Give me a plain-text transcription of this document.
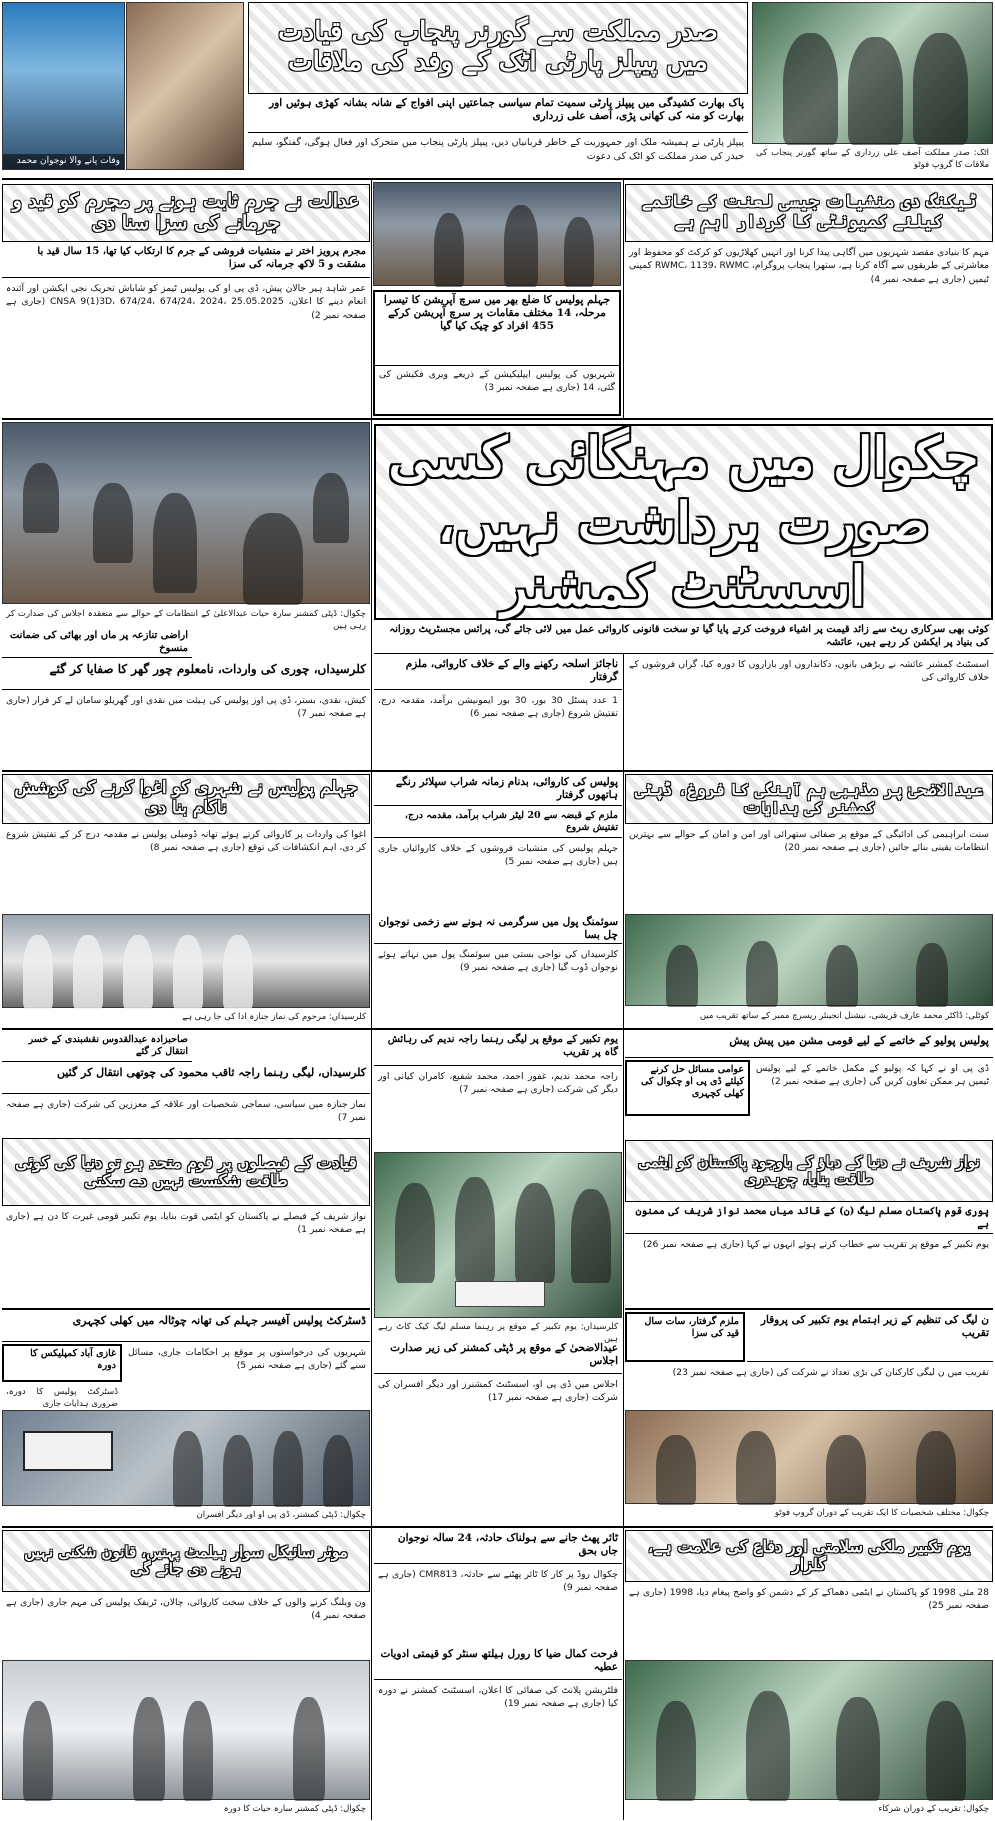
وفات پانے والا نوجوان محمد
صدر مملکت سے گورنر پنجاب کی قیادت میں پیپلز پارٹی اٹک کے وفد کی ملاقات
پاک بھارت کشیدگی میں پیپلز پارٹی سمیت تمام سیاسی جماعتیں اپنی افواج کے شانہ بشانہ کھڑی ہوئیں اور بھارت کو منہ کی کھانی پڑی، آصف علی زرداری
پیپلز پارٹی نے ہمیشہ ملک اور جمہوریت کے خاطر قربانیاں دیں، پیپلز پارٹی پنجاب میں متحرک اور فعال ہوگی، گفتگو، سلیم حیدر کی صدر مملکت کو اٹک کی دعوت	اٹک: صدر مملکت آصف علی زرداری کے ساتھ گورنر پنجاب کی ملاقات کا گروپ فوٹو
عدالت نے جرم ثابت ہونے پر مجرم کو قید و جرمانے کی سزا سنا دی
مجرم پرویز اختر نے منشیات فروشی کے جرم کا ارتکاب کیا تھا، 15 سال قید با مشقت و 5 لاکھ جرمانہ کی سزا
عمر شاہد ہیر جالان پیش، ڈی پی او کی پولیس ٹیمز کو شاباش تحریک نجی ایکشن اور آئندہ انعام دینے کا اعلان، CNSA 9(1)3D، 674/24، 674/24، 2024، 25.05.2025 (جاری ہے صفحہ نمبر 2)
جہلم پولیس کا ضلع بھر میں سرچ آپریشن کا تیسرا مرحلہ، 14 مختلف مقامات پر سرچ آپریشن کرکے 455 افراد کو چیک کیا گیا
شہریوں کی پولیس ایپلیکیشن کے ذریعے ویری فکیشن کی گئی، 14 (جاری ہے صفحہ نمبر 3)
ٹیکنگ دی منشیات جیسی لعنت کے خاتمے کیلئے کمیونٹی کا کردار اہم ہے
مہم کا بنیادی مقصد شہریوں میں آگاہی پیدا کرنا اور انہیں کھلاڑیوں کو کرکٹ کو محفوظ اور معاشرتی کے طریقوں سے آگاہ کرنا ہے، ستھرا پنجاب پروگرام، RWMC، 1139، RWMC کمپنی ٹیمیں (جاری ہے صفحہ نمبر 4)
چکوال: ڈپٹی کمشنر سارہ حیات عبدالاعلیٰ کے انتظامات کے حوالے سے منعقدہ اجلاس کی صدارت کر رہی ہیں
چکوال میں مہنگائی کسی صورت برداشت نہیں، اسسٹنٹ کمشنر
کوئی بھی سرکاری ریٹ سے زائد قیمت پر اشیاء فروخت کرتے پایا گیا تو سخت قانونی کاروائی عمل میں لائی جائے گی، پرائس مجسٹریٹ روزانہ کی بنیاد پر ایکشن کر رہے ہیں، عائشہ
اسسٹنٹ کمشنر عائشہ نے ریڑھی بانوں، دکانداروں اور بازاروں کا دورہ کیا، گراں فروشوں کے خلاف کاروائی کی
اراضی تنازعہ پر ماں اور بھائی کی ضمانت منسوخ
کلرسیداں، چوری کی واردات، نامعلوم چور گھر کا صفایا کر گئے
کیش، نقدی، بستر، ڈی پی اوز پولیس کی ہیئت میں نقدی اور گھریلو سامان لے کر فرار (جاری ہے صفحہ نمبر 7)
ناجائز اسلحہ رکھنے والے کے خلاف کاروائی، ملزم گرفتار
1 عدد پسٹل 30 بور، 30 بور ایمونیشن برآمد، مقدمہ درج، تفتیش شروع (جاری ہے صفحہ نمبر 6)
جہلم پولیس نے شہری کو اغوا کرنے کی کوشش ناکام بنا دی
اغوا کی واردات پر کاروائی کرتے ہوئے تھانہ ڈومیلی پولیس نے مقدمہ درج کر کے تفتیش شروع کر دی، اہم انکشافات کی توقع (جاری ہے صفحہ نمبر 8)
پولیس کی کاروائی، بدنام زمانہ شراب سپلائر رنگے ہاتھوں گرفتار
ملزم کے قبضہ سے 20 لیٹر شراب برآمد، مقدمہ درج، تفتیش شروع
جہلم پولیس کی منشیات فروشوں کے خلاف کاروائیاں جاری ہیں (جاری ہے صفحہ نمبر 5)
عیدالاضحیٰ پر مذہبی ہم آہنگی کا فروغ، ڈپٹی کمشنر کی ہدایات
سنت ابراہیمی کی ادائیگی کے موقع پر صفائی ستھرائی اور امن و امان کے حوالے سے بہترین انتظامات یقینی بنائے جائیں (جاری ہے صفحہ نمبر 20)
کلرسیداں: مرحوم کی نماز جنازہ ادا کی جا رہی ہے
سوئمنگ پول میں سرگرمی نہ ہونے سے زخمی نوجوان چل بسا
کلرسیداں کی نواحی بستی میں سوئمنگ پول میں نہاتے ہوئے نوجوان ڈوب گیا (جاری ہے صفحہ نمبر 9)
کوٹلی: ڈاکٹر محمد عارف قریشی، نیشنل انجینئر ریسرچ ممبر کے ساتھ تقریب میں
صاحبزادہ عبدالقدوس نقشبندی کے خسر انتقال کر گئے
کلرسیداں، لیگی رہنما راجہ ثاقب محمود کی چوتھی انتقال کر گئیں
نماز جنازہ میں سیاسی، سماجی شخصیات اور علاقہ کے معززین کی شرکت (جاری ہے صفحہ نمبر 7)
یوم تکبیر کے موقع پر لیگی رہنما راجہ ندیم کی رہائش گاہ پر تقریب
راجہ محمد ندیم، غفور احمد، محمد شفیع، کامران کیانی اور دیگر کی شرکت (جاری ہے صفحہ نمبر 7)
پولیس پولیو کے خاتمے کے لیے قومی مشن میں پیش پیش
عوامی مسائل حل کرنے کیلئے ڈی پی او چکوال کی کھلی کچہری
ڈی پی او نے کہا کہ پولیو کے مکمل خاتمے کے لیے پولیس ٹیمیں ہر ممکن تعاون کریں گی (جاری ہے صفحہ نمبر 2)
قیادت کے فیصلوں پر قوم متحد ہو تو دنیا کی کوئی طاقت شکست نہیں دے سکتی
نواز شریف کے فیصلے نے پاکستان کو ایٹمی قوت بنایا، یوم تکبیر قومی غیرت کا دن ہے (جاری ہے صفحہ نمبر 1)
کلرسیداں: یوم تکبیر کے موقع پر رہنما مسلم لیگ کیک کاٹ رہے ہیں
نواز شریف نے دنیا کے دباؤ کے باوجود پاکستان کو ایٹمی طاقت بنایا، چوہدری
پوری قوم پاکستان مسلم لیگ (ن) کے قائد میاں محمد نواز شریف کی ممنون ہے
یوم تکبیر کے موقع پر تقریب سے خطاب کرتے ہوئے انہوں نے کہا (جاری ہے صفحہ نمبر 26)
ڈسٹرکٹ پولیس آفیسر جہلم کی تھانہ چوٹالہ میں کھلی کچہری
غازی آباد کمپلیکس کا دورہ
ڈسٹرکٹ پولیس کا دورہ، ضروری ہدایات جاری
شہریوں کی درخواستوں پر موقع پر احکامات جاری، مسائل سنے گئے (جاری ہے صفحہ نمبر 5)
عیدالاضحیٰ کے موقع پر ڈپٹی کمشنر کی زیر صدارت اجلاس
اجلاس میں ڈی پی او، اسسٹنٹ کمشنرز اور دیگر افسران کی شرکت (جاری ہے صفحہ نمبر 17)
ملزم گرفتار، سات سال قید کی سزا
ن لیگ کی تنظیم کے زیر اہتمام یوم تکبیر کی پروقار تقریب
تقریب میں ن لیگی کارکنان کی بڑی تعداد نے شرکت کی (جاری ہے صفحہ نمبر 23)
چکوال: ڈپٹی کمشنر، ڈی پی او اور دیگر افسران	چکوال: مختلف شخصیات کا ایک تقریب کے دوران گروپ فوٹو
موٹر سائیکل سوار ہیلمٹ پہنیں، قانون شکنی نہیں ہونے دی جائے گی
ون ویلنگ کرنے والوں کے خلاف سخت کاروائی، چالان، ٹریفک پولیس کی مہم جاری (جاری ہے صفحہ نمبر 4)
ٹائر پھٹ جانے سے ہولناک حادثہ، 24 سالہ نوجوان جاں بحق
چکوال روڈ پر کار کا ٹائر پھٹنے سے حادثہ، CMR813 (جاری ہے صفحہ نمبر 9)
فرحت کمال ضیا کا رورل ہیلتھ سنٹر کو قیمتی ادویات عطیہ
فلٹریشن پلانٹ کی صفائی کا اعلان، اسسٹنٹ کمشنر نے دورہ کیا (جاری ہے صفحہ نمبر 19)
یوم تکبیر ملکی سلامتی اور دفاع کی علامت ہے، گلزار
28 مئی 1998 کو پاکستان نے ایٹمی دھماکے کر کے دشمن کو واضح پیغام دیا، 1998 (جاری ہے صفحہ نمبر 25)
چکوال: ڈپٹی کمشنر سارہ حیات کا دورہ	چکوال: تقریب کے دوران شرکاء
